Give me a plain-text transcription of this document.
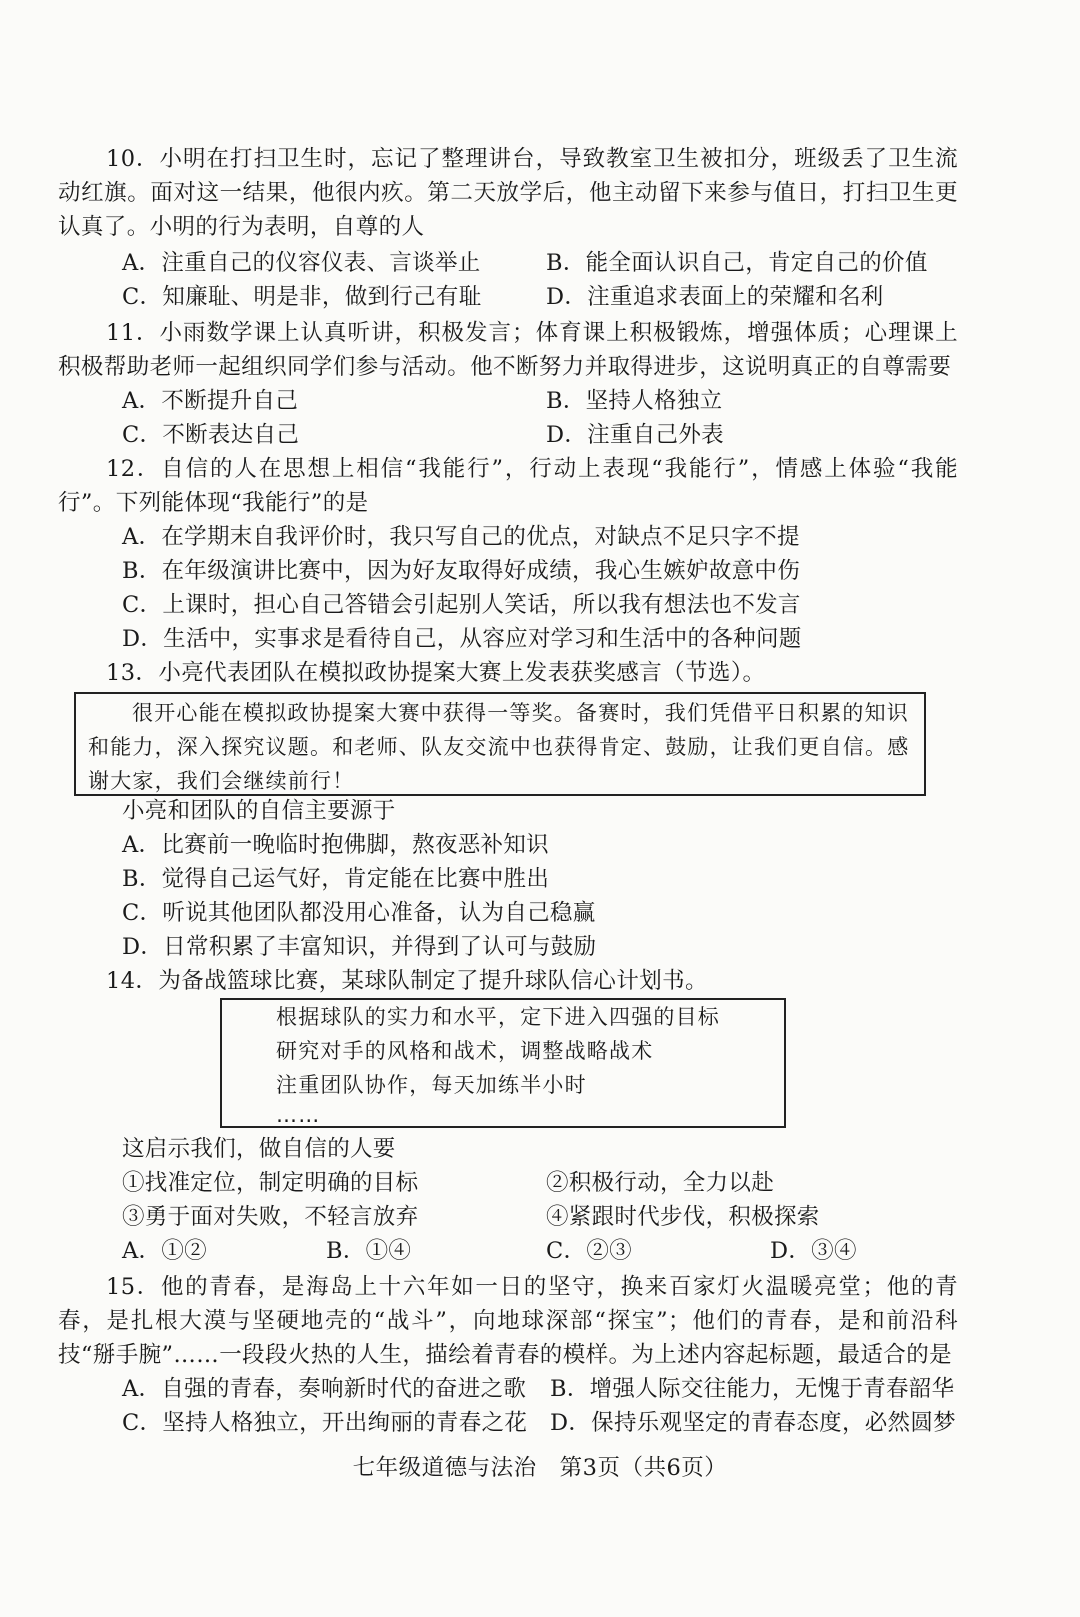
10．小明在打扫卫生时，忘记了整理讲台，导致教室卫生被扣分，班级丢了卫生流动红旗。面对这一结果，他很内疚。第二天放学后，他主动留下来参与值日，打扫卫生更认真了。小明的行为表明，自尊的人

A．注重自己的仪容仪表、言谈举止	B．能全面认识自己，肯定自己的价值
C．知廉耻、明是非，做到行己有耻	D．注重追求表面上的荣耀和名利

11．小雨数学课上认真听讲，积极发言；体育课上积极锻炼，增强体质；心理课上积极帮助老师一起组织同学们参与活动。他不断努力并取得进步，这说明真正的自尊需要

A．不断提升自己	B．坚持人格独立
C．不断表达自己	D．注重自己外表

12．自信的人在思想上相信“我能行”，行动上表现“我能行”，情感上体验“我能行”。下列能体现“我能行”的是

A．在学期末自我评价时，我只写自己的优点，对缺点不足只字不提
B．在年级演讲比赛中，因为好友取得好成绩，我心生嫉妒故意中伤
C．上课时，担心自己答错会引起别人笑话，所以我有想法也不发言
D．生活中，实事求是看待自己，从容应对学习和生活中的各种问题

13．小亮代表团队在模拟政协提案大赛上发表获奖感言（节选）。

很开心能在模拟政协提案大赛中获得一等奖。备赛时，我们凭借平日积累的知识

和能力，深入探究议题。和老师、队友交流中也获得肯定、鼓励，让我们更自信。感

谢大家，我们会继续前行！

小亮和团队的自信主要源于
A．比赛前一晚临时抱佛脚，熬夜恶补知识
B．觉得自己运气好，肯定能在比赛中胜出
C．听说其他团队都没用心准备，认为自己稳赢
D．日常积累了丰富知识，并得到了认可与鼓励

14．为备战篮球比赛，某球队制定了提升球队信心计划书。

根据球队的实力和水平，定下进入四强的目标

研究对手的风格和战术，调整战略战术

注重团队协作，每天加练半小时

……

这启示我们，做自信的人要
①找准定位，制定明确的目标	②积极行动，全力以赴
③勇于面对失败，不轻言放弃	④紧跟时代步伐，积极探索
A．①②	B．①④	C．②③	D．③④

15．他的青春，是海岛上十六年如一日的坚守，换来百家灯火温暖亮堂；他的青春，是扎根大漠与坚硬地壳的“战斗”，向地球深部“探宝”；他们的青春，是和前沿科技“掰手腕”……一段段火热的人生，描绘着青春的模样。为上述内容起标题，最适合的是

A．自强的青春，奏响新时代的奋进之歌 B．增强人际交往能力，无愧于青春韶华
C．坚持人格独立，开出绚丽的青春之花 D．保持乐观坚定的青春态度，必然圆梦
七年级道德与法治　第3页（共6页）
